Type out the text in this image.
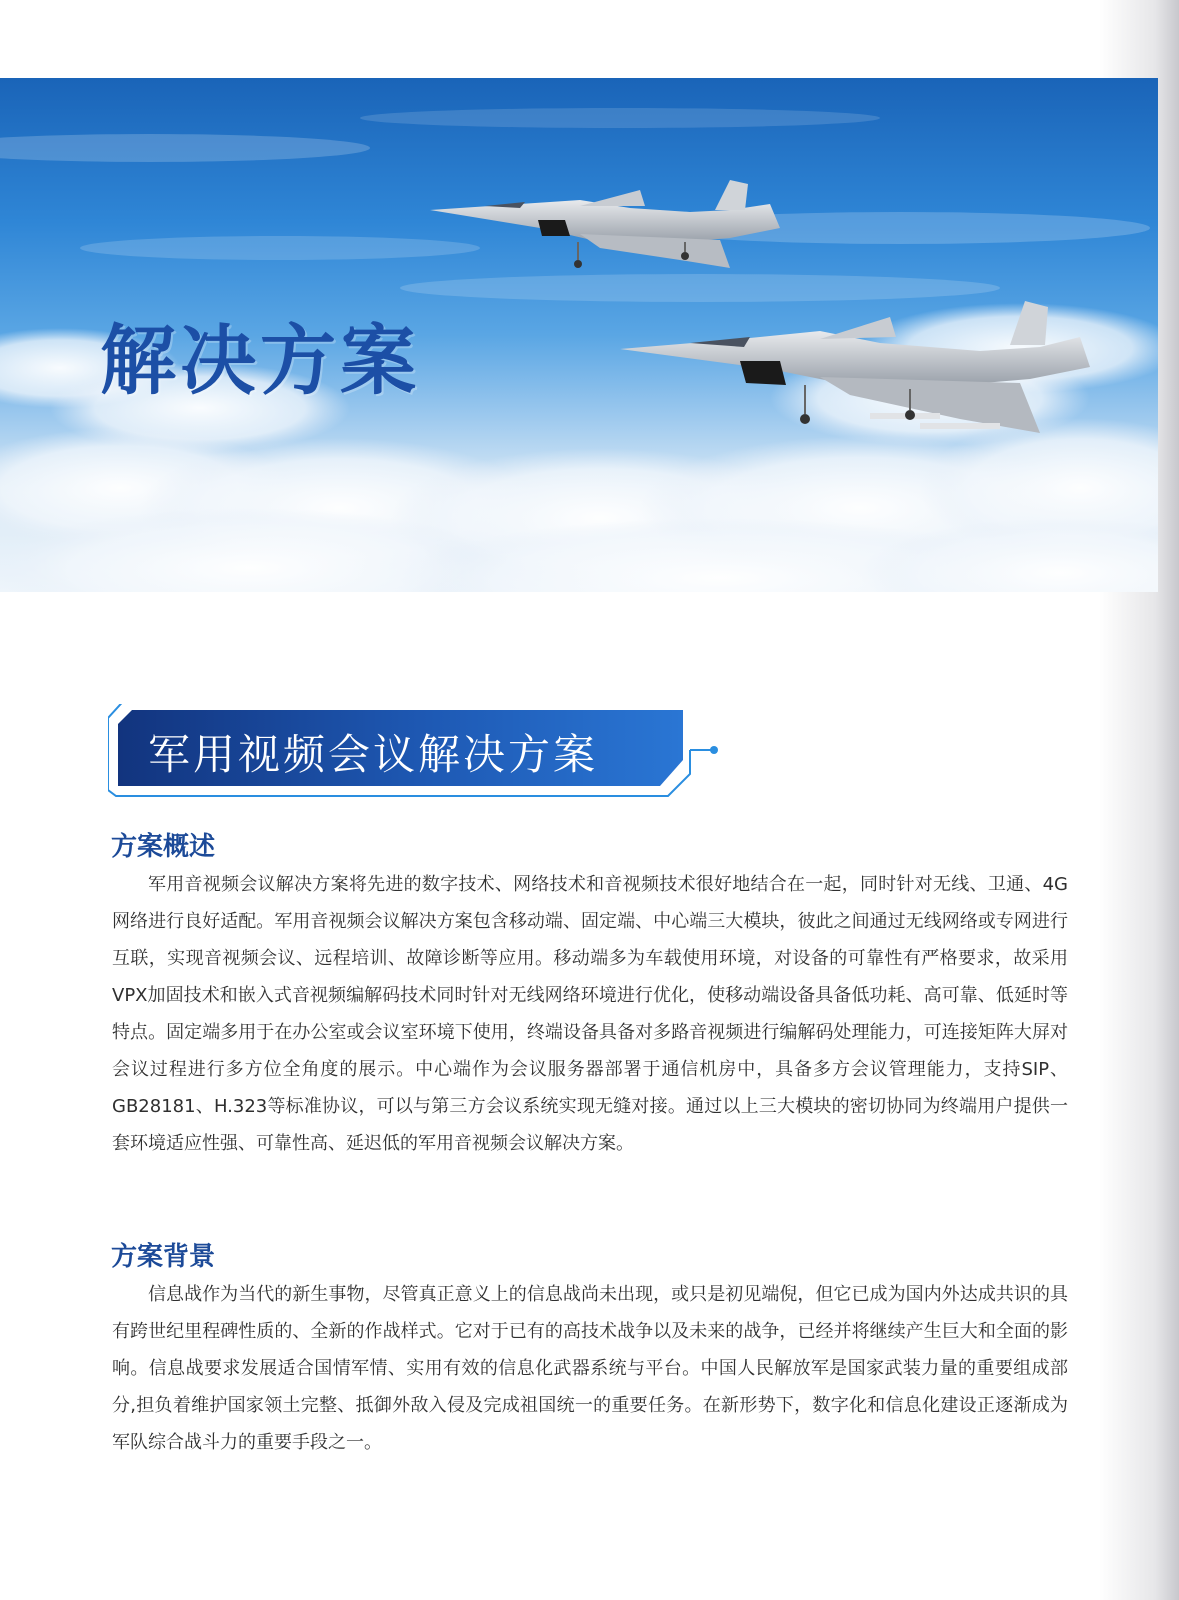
解决方案
军用视频会议解决方案
方案概述

军用音视频会议解决方案将先进的数字技术、网络技术和音视频技术很好地结合在一起，同时针对无线、卫通、4G网络进行良好适配。军用音视频会议解决方案包含移动端、固定端、中心端三大模块，彼此之间通过无线网络或专网进行互联，实现音视频会议、远程培训、故障诊断等应用。移动端多为车载使用环境，对设备的可靠性有严格要求，故采用VPX加固技术和嵌入式音视频编解码技术同时针对无线网络环境进行优化，使移动端设备具备低功耗、高可靠、低延时等特点。固定端多用于在办公室或会议室环境下使用，终端设备具备对多路音视频进行编解码处理能力，可连接矩阵大屏对会议过程进行多方位全角度的展示。中心端作为会议服务器部署于通信机房中，具备多方会议管理能力，支持SIP、GB28181、H.323等标准协议，可以与第三方会议系统实现无缝对接。通过以上三大模块的密切协同为终端用户提供一套环境适应性强、可靠性高、延迟低的军用音视频会议解决方案。

方案背景

信息战作为当代的新生事物，尽管真正意义上的信息战尚未出现，或只是初见端倪，但它已成为国内外达成共识的具有跨世纪里程碑性质的、全新的作战样式。它对于已有的高技术战争以及未来的战争，已经并将继续产生巨大和全面的影响。信息战要求发展适合国情军情、实用有效的信息化武器系统与平台。中国人民解放军是国家武装力量的重要组成部分,担负着维护国家领土完整、抵御外敌入侵及完成祖国统一的重要任务。在新形势下，数字化和信息化建设正逐渐成为军队综合战斗力的重要手段之一。
